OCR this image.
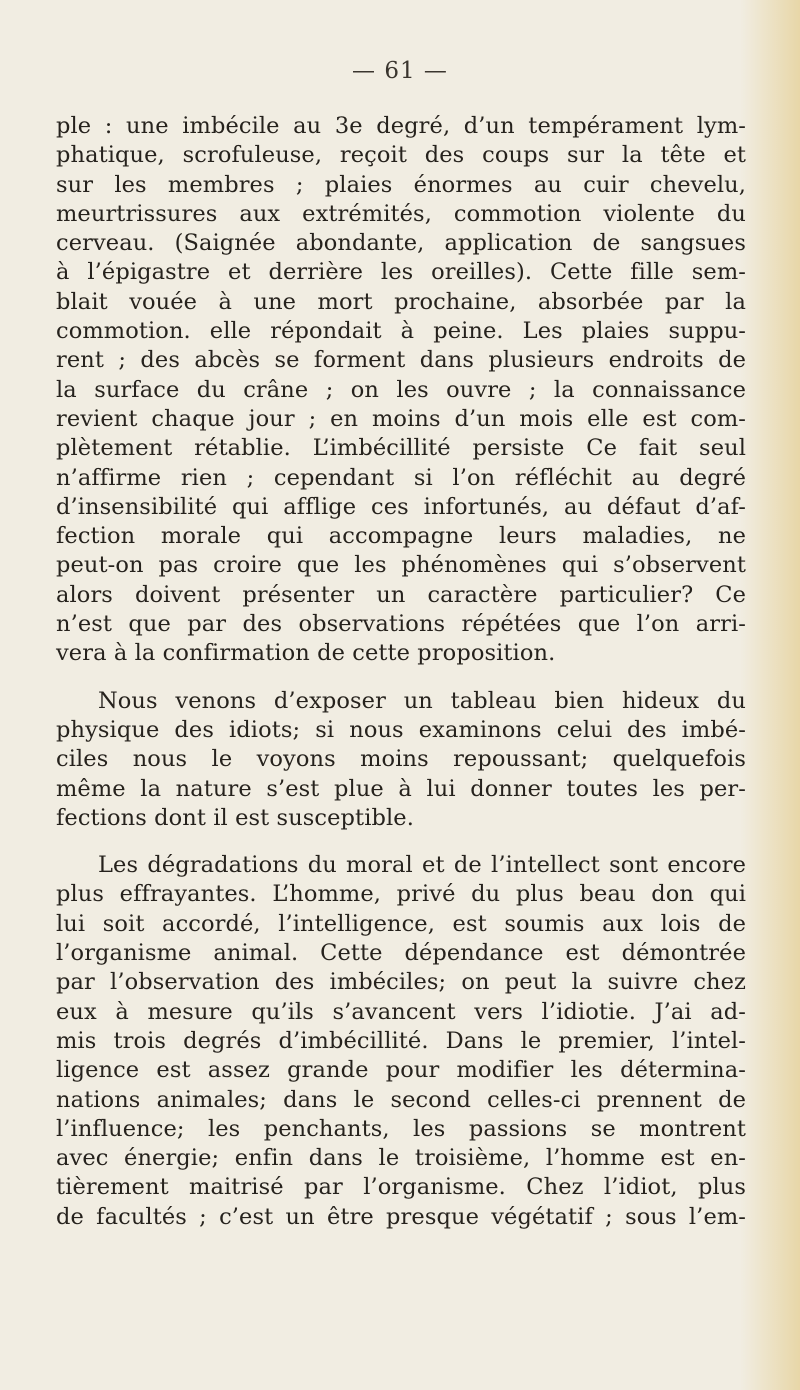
— 61 —
ple : une imbécile au 3e degré, d’un tempérament lym-
phatique, scrofuleuse, reçoit des coups sur la tête et
sur les membres ; plaies énormes au cuir chevelu,
meurtrissures aux extrémités, commotion violente du
cerveau. (Saignée abondante, application de sangsues
à l’épigastre et derrière les oreilles). Cette fille sem-
blait vouée à une mort prochaine, absorbée par la
commotion. elle répondait à peine. Les plaies suppu-
rent ; des abcès se forment dans plusieurs endroits de
la surface du crâne ; on les ouvre ; la connaissance
revient chaque jour ; en moins d’un mois elle est com-
plètement rétablie. L’imbécillité persiste Ce fait seul
n’affirme rien ; cependant si l’on réfléchit au degré
d’insensibilité qui afflige ces infortunés, au défaut d’af-
fection morale qui accompagne leurs maladies, ne
peut-on pas croire que les phénomènes qui s’observent
alors doivent présenter un caractère particulier? Ce
n’est que par des observations répétées que l’on arri-
vera à la confirmation de cette proposition.
Nous venons d’exposer un tableau bien hideux du
physique des idiots; si nous examinons celui des imbé-
ciles nous le voyons moins repoussant; quelquefois
même la nature s’est plue à lui donner toutes les per-
fections dont il est susceptible.
Les dégradations du moral et de l’intellect sont encore
plus effrayantes. L’homme, privé du plus beau don qui
lui soit accordé, l’intelligence, est soumis aux lois de
l’organisme animal. Cette dépendance est démontrée
par l’observation des imbéciles; on peut la suivre chez
eux à mesure qu’ils s’avancent vers l’idiotie. J’ai ad-
mis trois degrés d’imbécillité. Dans le premier, l’intel-
ligence est assez grande pour modifier les détermina-
nations animales; dans le second celles-ci prennent de
l’influence; les penchants, les passions se montrent
avec énergie; enfin dans le troisième, l’homme est en-
tièrement maitrisé par l’organisme. Chez l’idiot, plus
de facultés ; c’est un être presque végétatif ; sous l’em-
